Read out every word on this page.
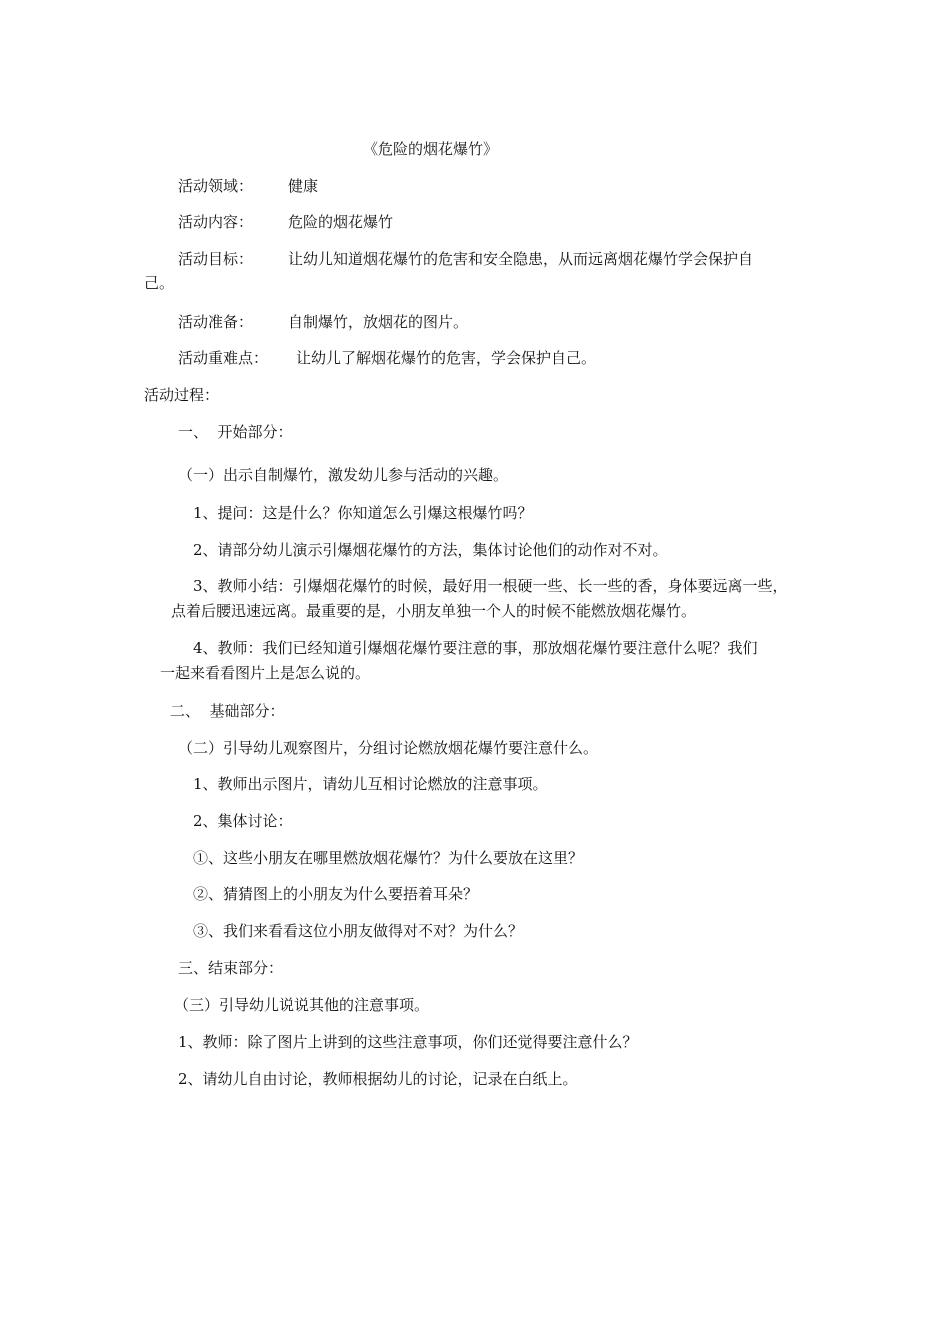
《危险的烟花爆竹》
活动领域： 健康
活动内容： 危险的烟花爆竹
活动目标： 让幼儿知道烟花爆竹的危害和安全隐患，从而远离烟花爆竹学会保护自
己。
活动准备： 自制爆竹，放烟花的图片。
活动重难点： 让幼儿了解烟花爆竹的危害，学会保护自己。
活动过程：
一、  开始部分：
（一）出示自制爆竹，激发幼儿参与活动的兴趣。
1、提问：这是什么？你知道怎么引爆这根爆竹吗？
2、请部分幼儿演示引爆烟花爆竹的方法，集体讨论他们的动作对不对。
3、教师小结：引爆烟花爆竹的时候，最好用一根硬一些、长一些的香，身体要远离一些，
点着后腰迅速远离。最重要的是，小朋友单独一个人的时候不能燃放烟花爆竹。
4、教师：我们已经知道引爆烟花爆竹要注意的事，那放烟花爆竹要注意什么呢？我们
一起来看看图片上是怎么说的。
二、  基础部分：
（二）引导幼儿观察图片，分组讨论燃放烟花爆竹要注意什么。
1、教师出示图片，请幼儿互相讨论燃放的注意事项。
2、集体讨论：
①、这些小朋友在哪里燃放烟花爆竹？为什么要放在这里？
②、猜猜图上的小朋友为什么要捂着耳朵？
③、我们来看看这位小朋友做得对不对？为什么？
三、结束部分：
（三）引导幼儿说说其他的注意事项。
1、教师：除了图片上讲到的这些注意事项，你们还觉得要注意什么？
2、请幼儿自由讨论，教师根据幼儿的讨论，记录在白纸上。
